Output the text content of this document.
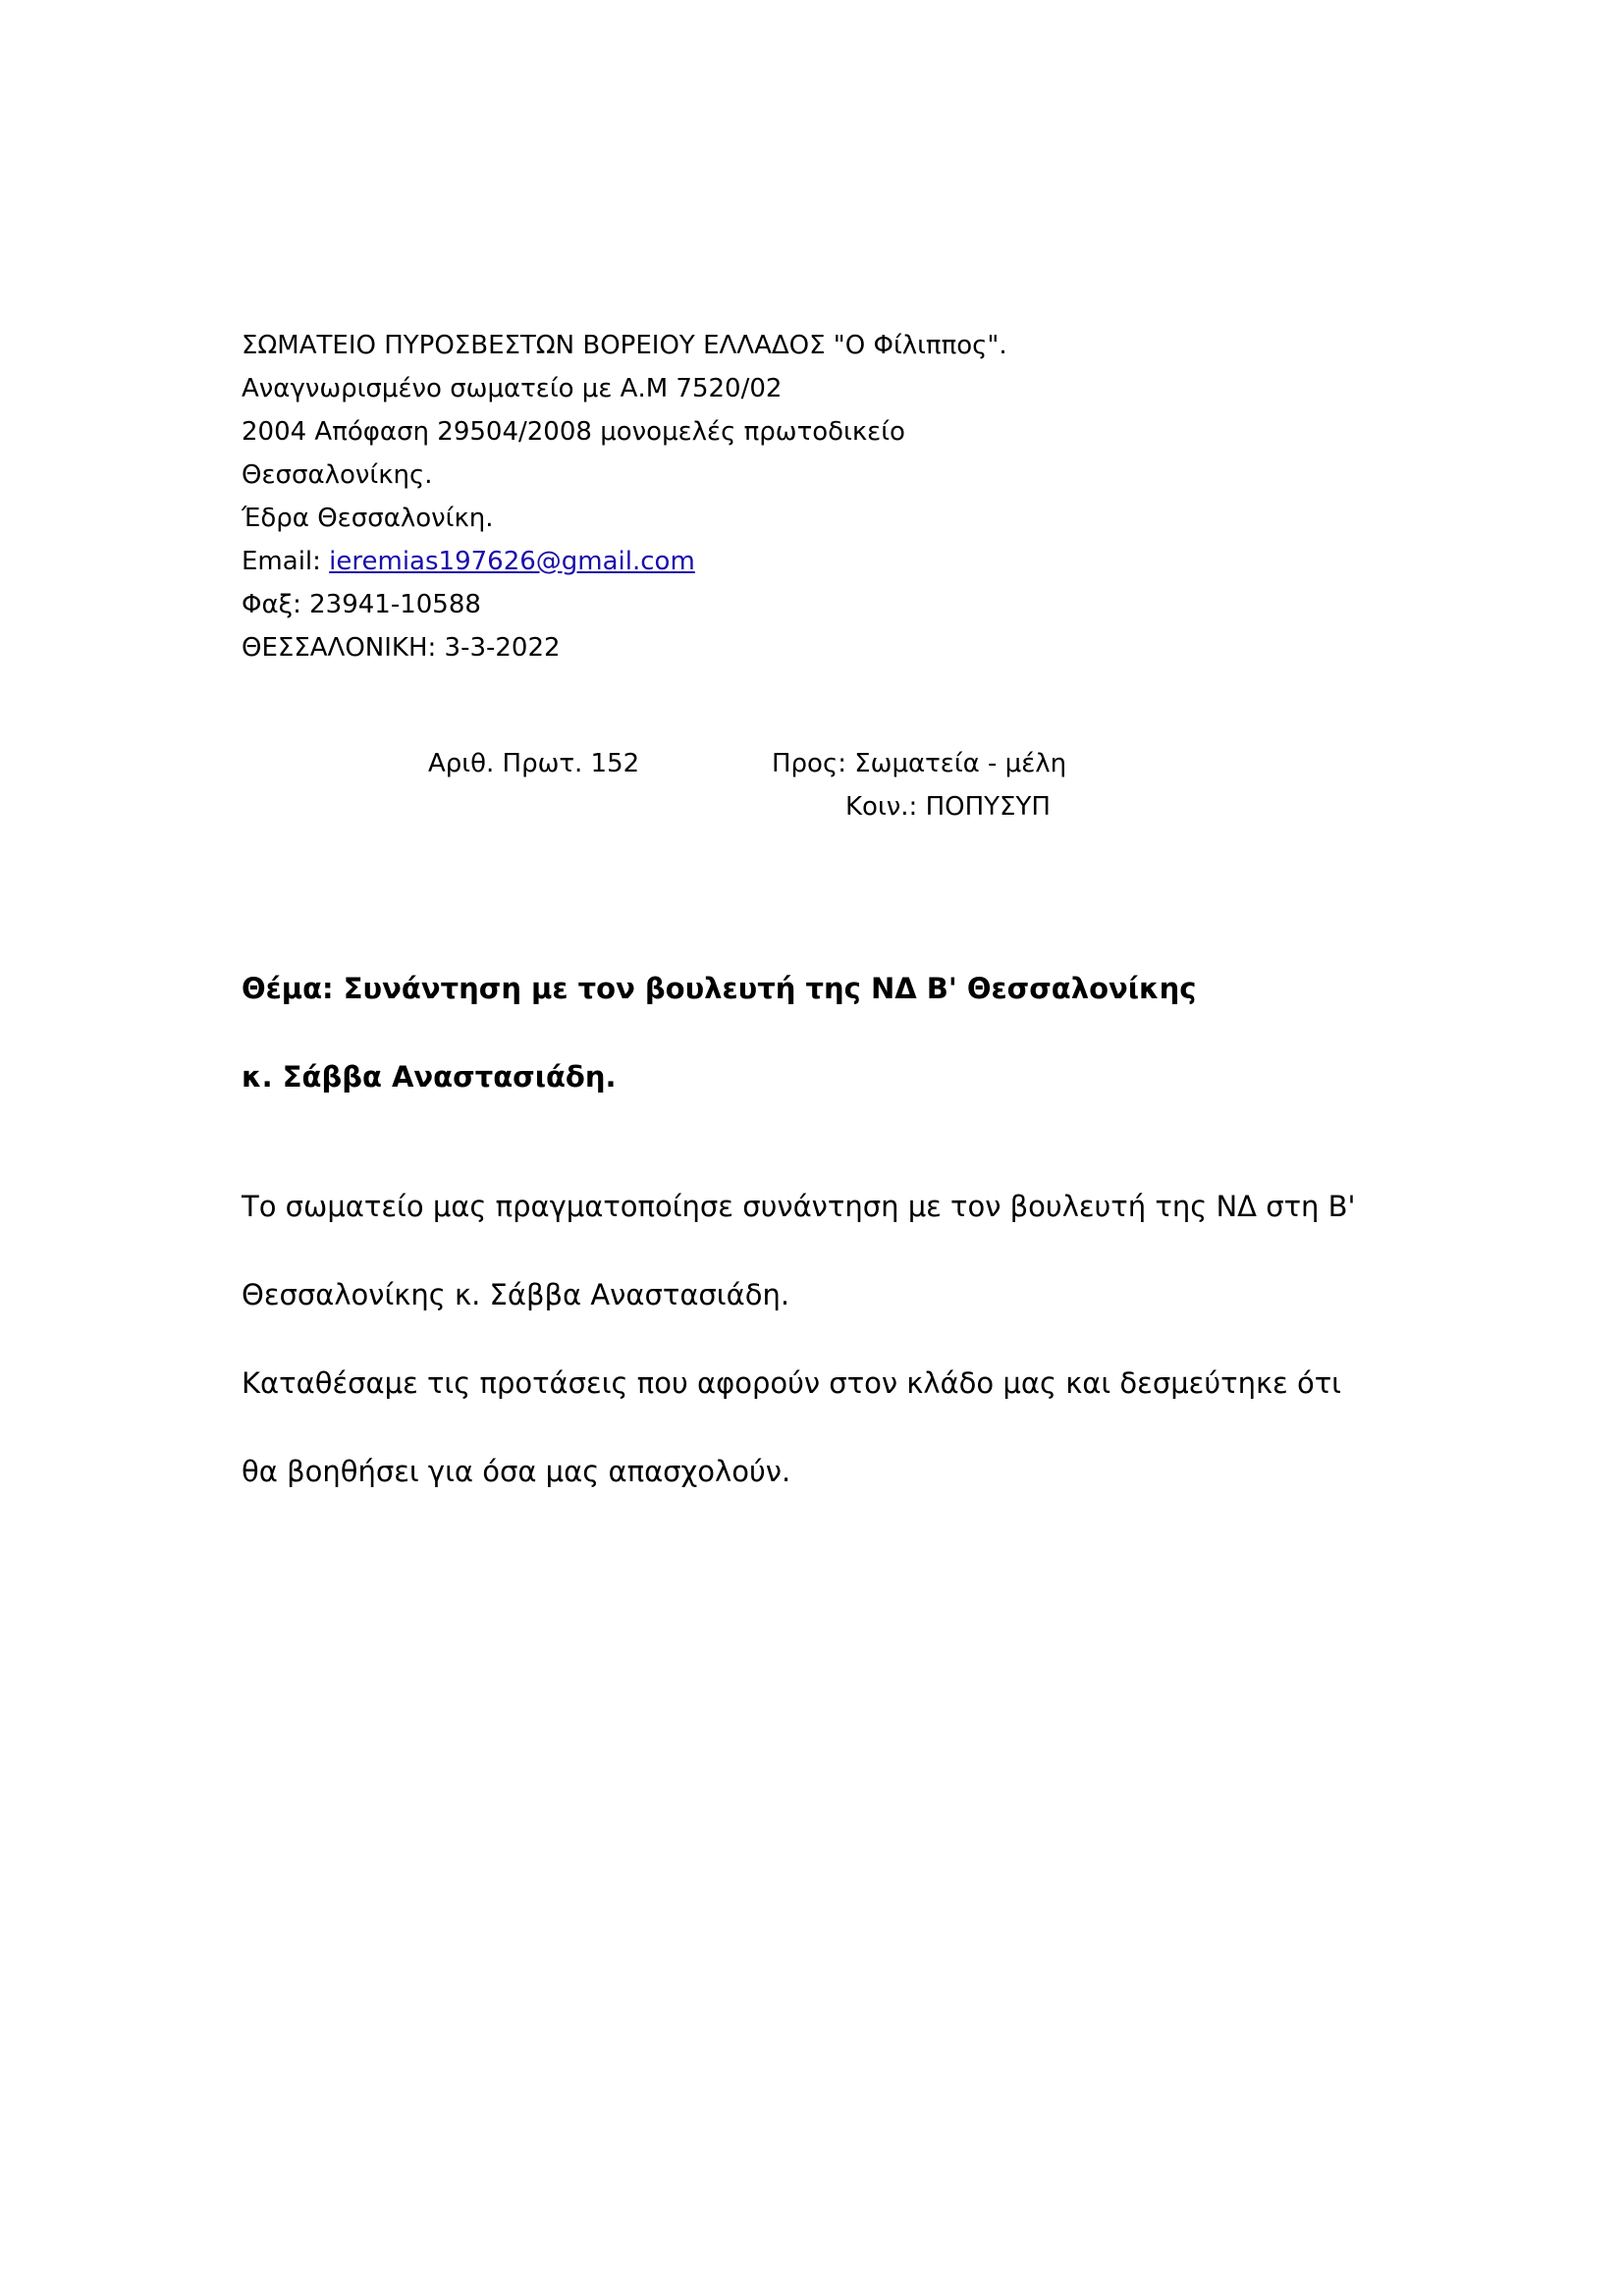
ΣΩΜΑΤΕΙΟ ΠΥΡΟΣΒΕΣΤΩΝ ΒΟΡΕΙΟΥ ΕΛΛΑΔΟΣ "Ο Φίλιππος".
Αναγνωρισμένο σωματείο με Α.Μ 7520/02
2004 Απόφαση 29504/2008 μονομελές πρωτοδικείο
Θεσσαλονίκης.
Έδρα Θεσσαλονίκη.
Email: ieremias197626@gmail.com
Φαξ: 23941-10588
ΘΕΣΣΑΛΟΝΙΚΗ: 3-3-2022
Αριθ. Πρωτ. 152	Προς: Σωματεία - μέλη
Κοιν.: ΠΟΠΥΣΥΠ
Θέμα: Συνάντηση με τον βουλευτή της ΝΔ Β' Θεσσαλονίκης κ. Σάββα Αναστασιάδη.

Το σωματείο μας πραγματοποίησε συνάντηση με τον βουλευτή της ΝΔ στη Β' Θεσσαλονίκης κ. Σάββα Αναστασιάδη.

Καταθέσαμε τις προτάσεις που αφορούν στον κλάδο μας και δεσμεύτηκε ότι θα βοηθήσει για όσα μας απασχολούν.
